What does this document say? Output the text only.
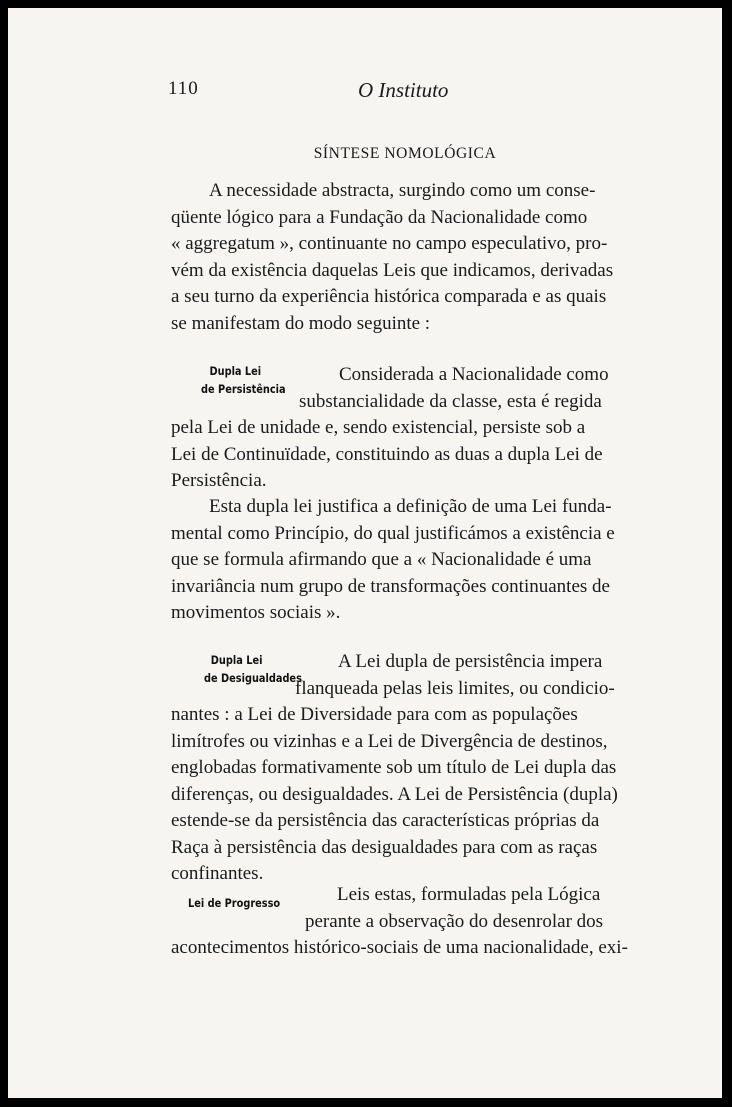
110	O Instituto
SÍNTESE NOMOLÓGICA
A necessidade abstracta, surgindo como um conse-
qüente lógico para a Fundação da Nacionalidade como
« aggregatum », continuante no campo especulativo, pro-
vém da existência daquelas Leis que indicamos, derivadas
a seu turno da experiência histórica comparada e as quais
se manifestam do modo seguinte :
Dupla Lei
de Persistência
Considerada a Nacionalidade como
substancialidade da classe, esta é regida
pela Lei de unidade e, sendo existencial, persiste sob a
Lei de Continuïdade, constituindo as duas a dupla Lei de
Persistência.
Esta dupla lei justifica a definição de uma Lei funda-
mental como Princípio, do qual justificámos a existência e
que se formula afirmando que a « Nacionalidade é uma
invariância num grupo de transformações continuantes de
movimentos sociais ».
Dupla Lei
de Desigualdades
A Lei dupla de persistência impera
flanqueada pelas leis limites, ou condicio-
nantes : a Lei de Diversidade para com as populações
limítrofes ou vizinhas e a Lei de Divergência de destinos,
englobadas formativamente sob um título de Lei dupla das
diferenças, ou desigualdades. A Lei de Persistência (dupla)
estende-se da persistência das características próprias da
Raça à persistência das desigualdades para com as raças
confinantes.
Lei de Progresso	Leis estas, formuladas pela Lógica
perante a observação do desenrolar dos
acontecimentos histórico-sociais de uma nacionalidade, exi-
